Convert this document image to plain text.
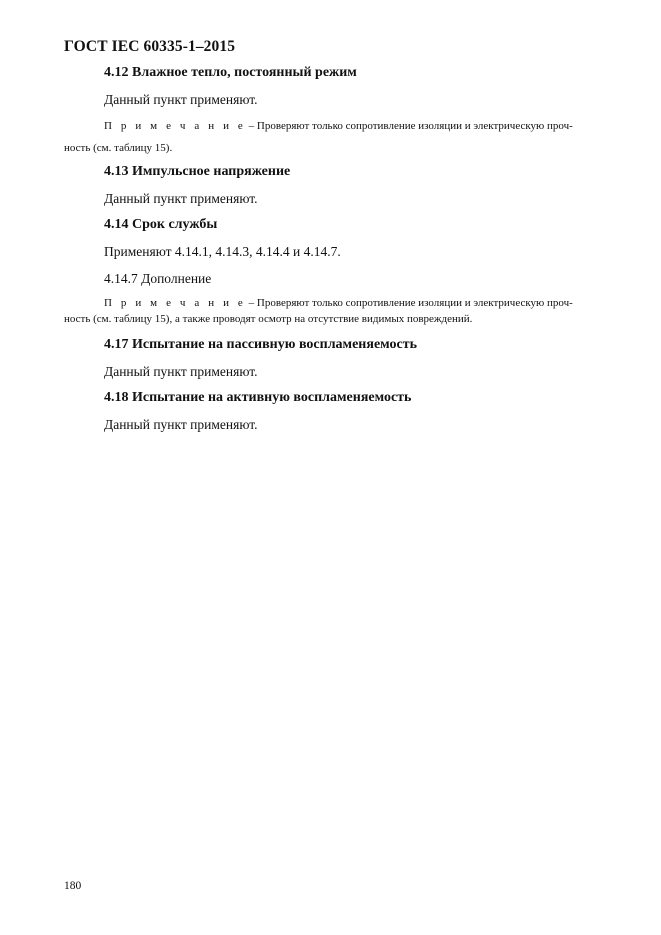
ГОСТ IEC 60335-1–2015
4.12 Влажное тепло, постоянный режим
Данный пункт применяют.
П р и м е ч а н и е – Проверяют только сопротивление изоляции и электрическую проч-
ность (см. таблицу 15).
4.13 Импульсное напряжение
Данный пункт применяют.
4.14 Срок службы
Применяют 4.14.1, 4.14.3, 4.14.4 и 4.14.7.
4.14.7 Дополнение
П р и м е ч а н и е – Проверяют только сопротивление изоляции и электрическую проч-
ность (см. таблицу 15), а также проводят осмотр на отсутствие видимых повреждений.
4.17 Испытание на пассивную воспламеняемость
Данный пункт применяют.
4.18 Испытание на активную воспламеняемость
Данный пункт применяют.
180
